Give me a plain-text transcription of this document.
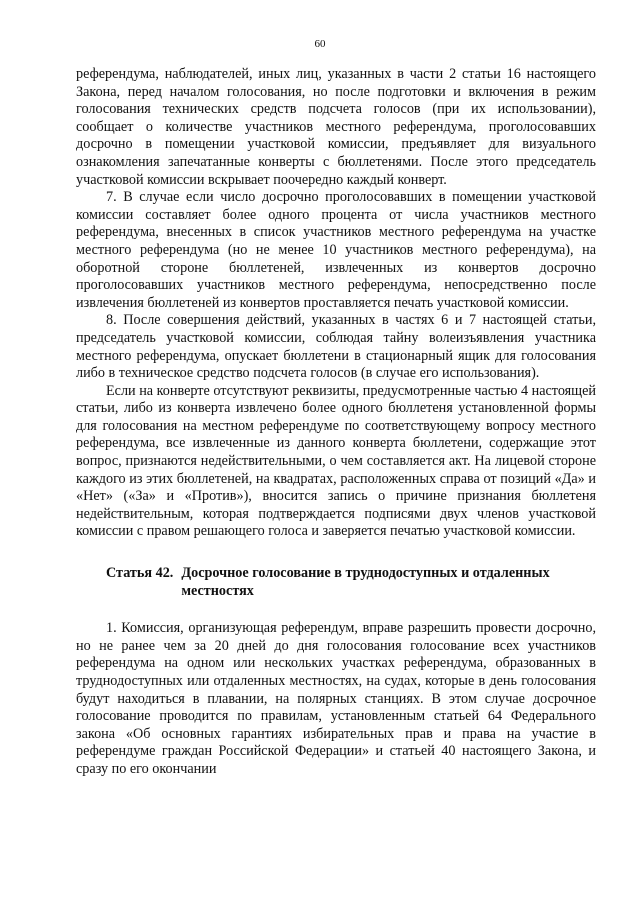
60

референдума, наблюдателей, иных лиц, указанных в части 2 статьи 16 настоящего Закона, перед началом голосования, но после подготовки и включения в режим голосования технических средств подсчета голосов (при их использовании), сообщает о количестве участников местного референдума, проголосовавших досрочно в помещении участковой комиссии, предъявляет для визуального ознакомления запечатанные конверты с бюллетенями. После этого председатель участковой комиссии вскрывает поочередно каждый конверт.

7. В случае если число досрочно проголосовавших в помещении участковой комиссии составляет более одного процента от числа участников местного референдума, внесенных в список участников местного референдума на участке местного референдума (но не менее 10 участников местного референдума), на оборотной стороне бюллетеней, извлеченных из конвертов досрочно проголосовавших участников местного референдума, непосредственно после извлечения бюллетеней из конвертов проставляется печать участковой комиссии.

8. После совершения действий, указанных в частях 6 и 7 настоящей статьи, председатель участковой комиссии, соблюдая тайну волеизъявления участника местного референдума, опускает бюллетени в стационарный ящик для голосования либо в техническое средство подсчета голосов (в случае его использования).

Если на конверте отсутствуют реквизиты, предусмотренные частью 4 настоящей статьи, либо из конверта извлечено более одного бюллетеня установленной формы для голосования на местном референдуме по соответствующему вопросу местного референдума, все извлеченные из данного конверта бюллетени, содержащие этот вопрос, признаются недействительными, о чем составляется акт. На лицевой стороне каждого из этих бюллетеней, на квадратах, расположенных справа от позиций «Да» и «Нет» («За» и «Против»), вносится запись о причине признания бюллетеня недействительным, которая подтверждается подписями двух членов участковой комиссии с правом решающего голоса и заверяется печатью участковой комиссии.

Статья 42. Досрочное голосование в труднодоступных и отдаленных местностях

1. Комиссия, организующая референдум, вправе разрешить провести досрочно, но не ранее чем за 20 дней до дня голосования голосование всех участников референдума на одном или нескольких участках референдума, образованных в труднодоступных или отдаленных местностях, на судах, которые в день голосования будут находиться в плавании, на полярных станциях. В этом случае досрочное голосование проводится по правилам, установленным статьей 64 Федерального закона «Об основных гарантиях избирательных прав и права на участие в референдуме граждан Российской Федерации» и статьей 40 настоящего Закона, и сразу по его окончании
